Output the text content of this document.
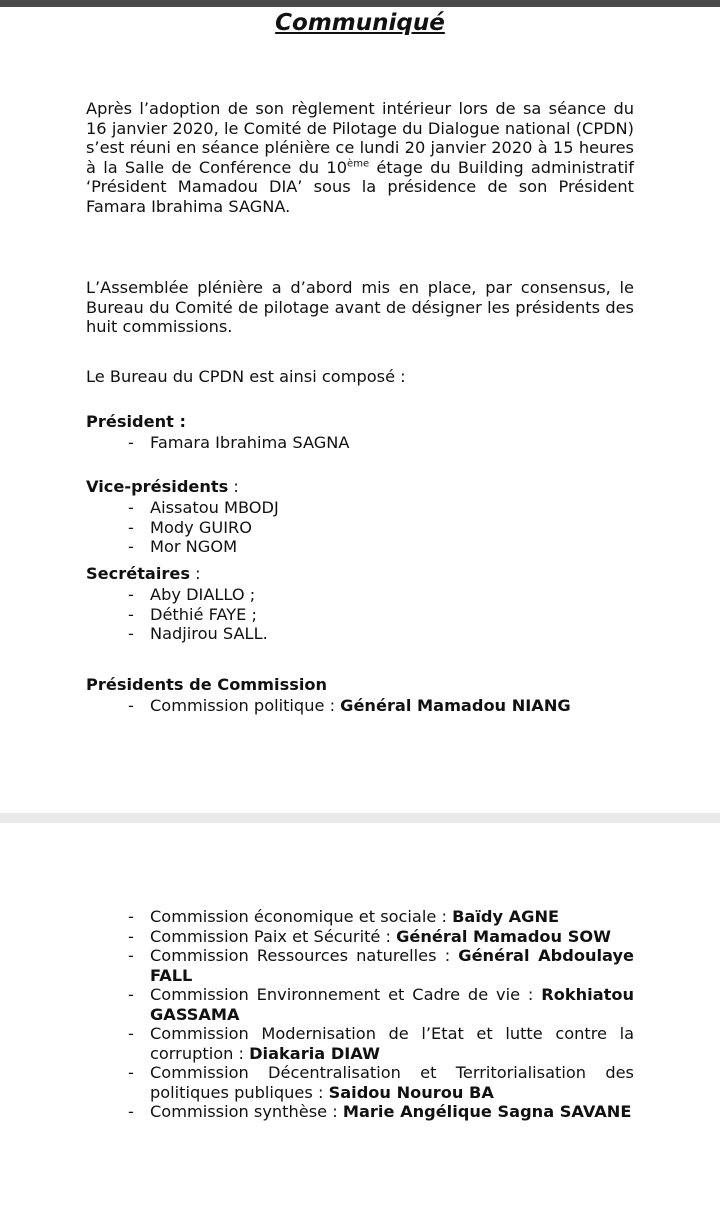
Communiqué

Après l’adoption de son règlement intérieur lors de sa séance du 16 janvier 2020, le Comité de Pilotage du Dialogue national (CPDN) s’est réuni en séance plénière ce lundi 20 janvier 2020 à 15 heures à la Salle de Conférence du 10ème étage du Building administratif ‘Président Mamadou DIA’ sous la présidence de son Président Famara Ibrahima SAGNA.

L’Assemblée plénière a d’abord mis en place, par consensus, le Bureau du Comité de pilotage avant de désigner les présidents des huit commissions.

Le Bureau du CPDN est ainsi composé :

Président :

- Famara Ibrahima SAGNA

Vice-présidents :

- Aissatou MBODJ
- Mody GUIRO
- Mor NGOM

Secrétaires :

- Aby DIALLO ;
- Déthié FAYE ;
- Nadjirou SALL.

Présidents de Commission

- Commission politique : Général Mamadou NIANG
- Commission économique et sociale : Baïdy AGNE
- Commission Paix et Sécurité : Général Mamadou SOW
- Commission Ressources naturelles : Général Abdoulaye FALL
- Commission Environnement et Cadre de vie : Rokhiatou GASSAMA
- Commission Modernisation de l’Etat et lutte contre la corruption : Diakaria DIAW
- Commission Décentralisation et Territorialisation des politiques publiques : Saidou Nourou BA
- Commission synthèse : Marie Angélique Sagna SAVANE
